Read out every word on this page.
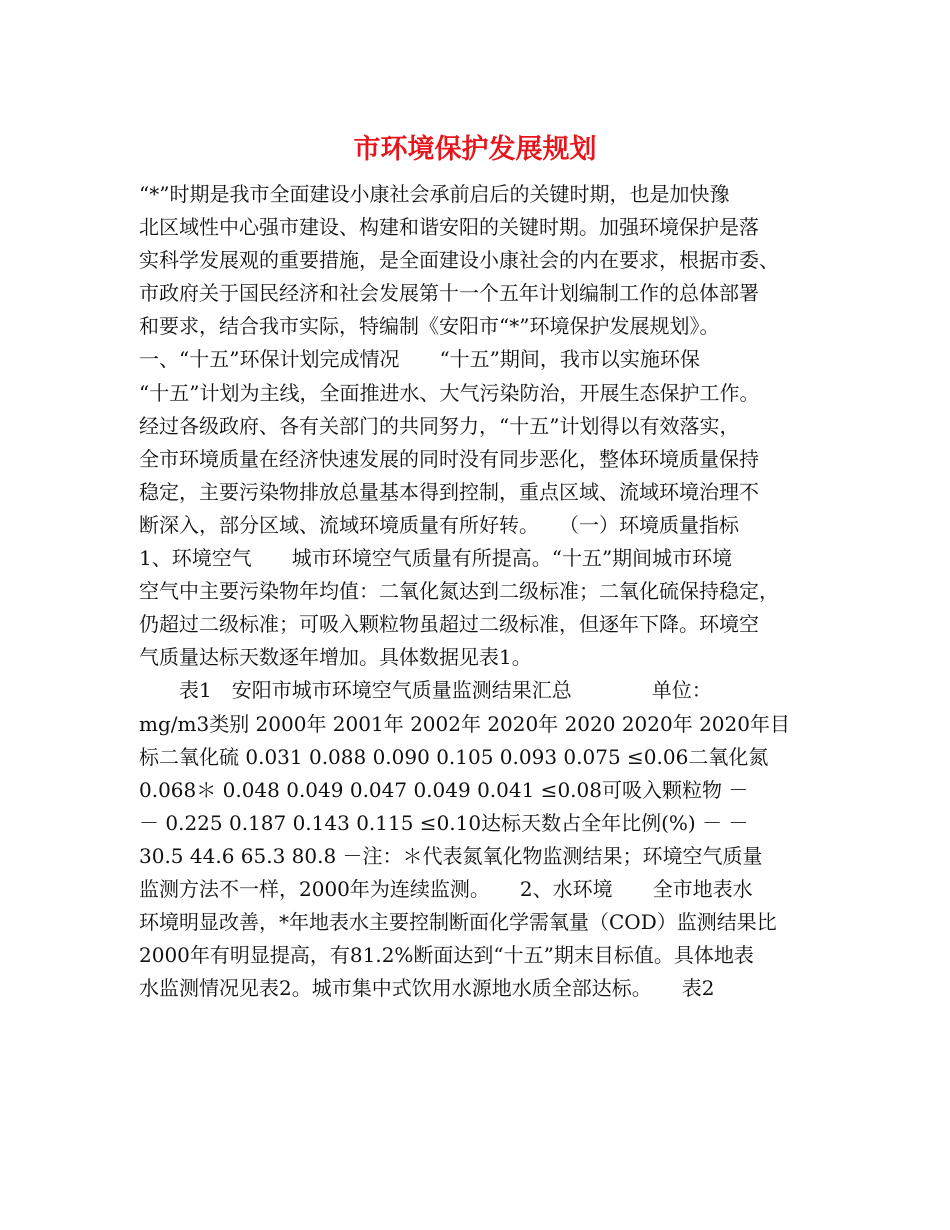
市环境保护发展规划
“*”时期是我市全面建设小康社会承前启后的关键时期，也是加快豫
北区域性中心强市建设、构建和谐安阳的关键时期。加强环境保护是落
实科学发展观的重要措施，是全面建设小康社会的内在要求，根据市委、
市政府关于国民经济和社会发展第十一个五年计划编制工作的总体部署
和要求，结合我市实际，特编制《安阳市“*”环境保护发展规划》。
一、“十五”环保计划完成情况　　“十五”期间，我市以实施环保
“十五”计划为主线，全面推进水、大气污染防治，开展生态保护工作。
经过各级政府、各有关部门的共同努力，“十五”计划得以有效落实，
全市环境质量在经济快速发展的同时没有同步恶化，整体环境质量保持
稳定，主要污染物排放总量基本得到控制，重点区域、流域环境治理不
断深入，部分区域、流域环境质量有所好转。　　（一）环境质量指标
1、环境空气　　城市环境空气质量有所提高。“十五”期间城市环境
空气中主要污染物年均值：二氧化氮达到二级标准；二氧化硫保持稳定，
仍超过二级标准；可吸入颗粒物虽超过二级标准，但逐年下降。环境空
气质量达标天数逐年增加。具体数据见表1。
　　表1　安阳市城市环境空气质量监测结果汇总　　　　单位：
mg/m3类别 2000年 2001年 2002年 2020年 2020 2020年 2020年目
标二氧化硫 0.031 0.088 0.090 0.105 0.093 0.075 ≤0.06二氧化氮
0.068＊ 0.048 0.049 0.047 0.049 0.041 ≤0.08可吸入颗粒物 －
－ 0.225 0.187 0.143 0.115 ≤0.10达标天数占全年比例(%) － －
30.5 44.6 65.3 80.8 －注：＊代表氮氧化物监测结果；环境空气质量
监测方法不一样，2000年为连续监测。　　2、水环境　　全市地表水
环境明显改善，*年地表水主要控制断面化学需氧量（COD）监测结果比
2000年有明显提高，有81.2%断面达到“十五”期末目标值。具体地表
水监测情况见表2。城市集中式饮用水源地水质全部达标。　　表2
